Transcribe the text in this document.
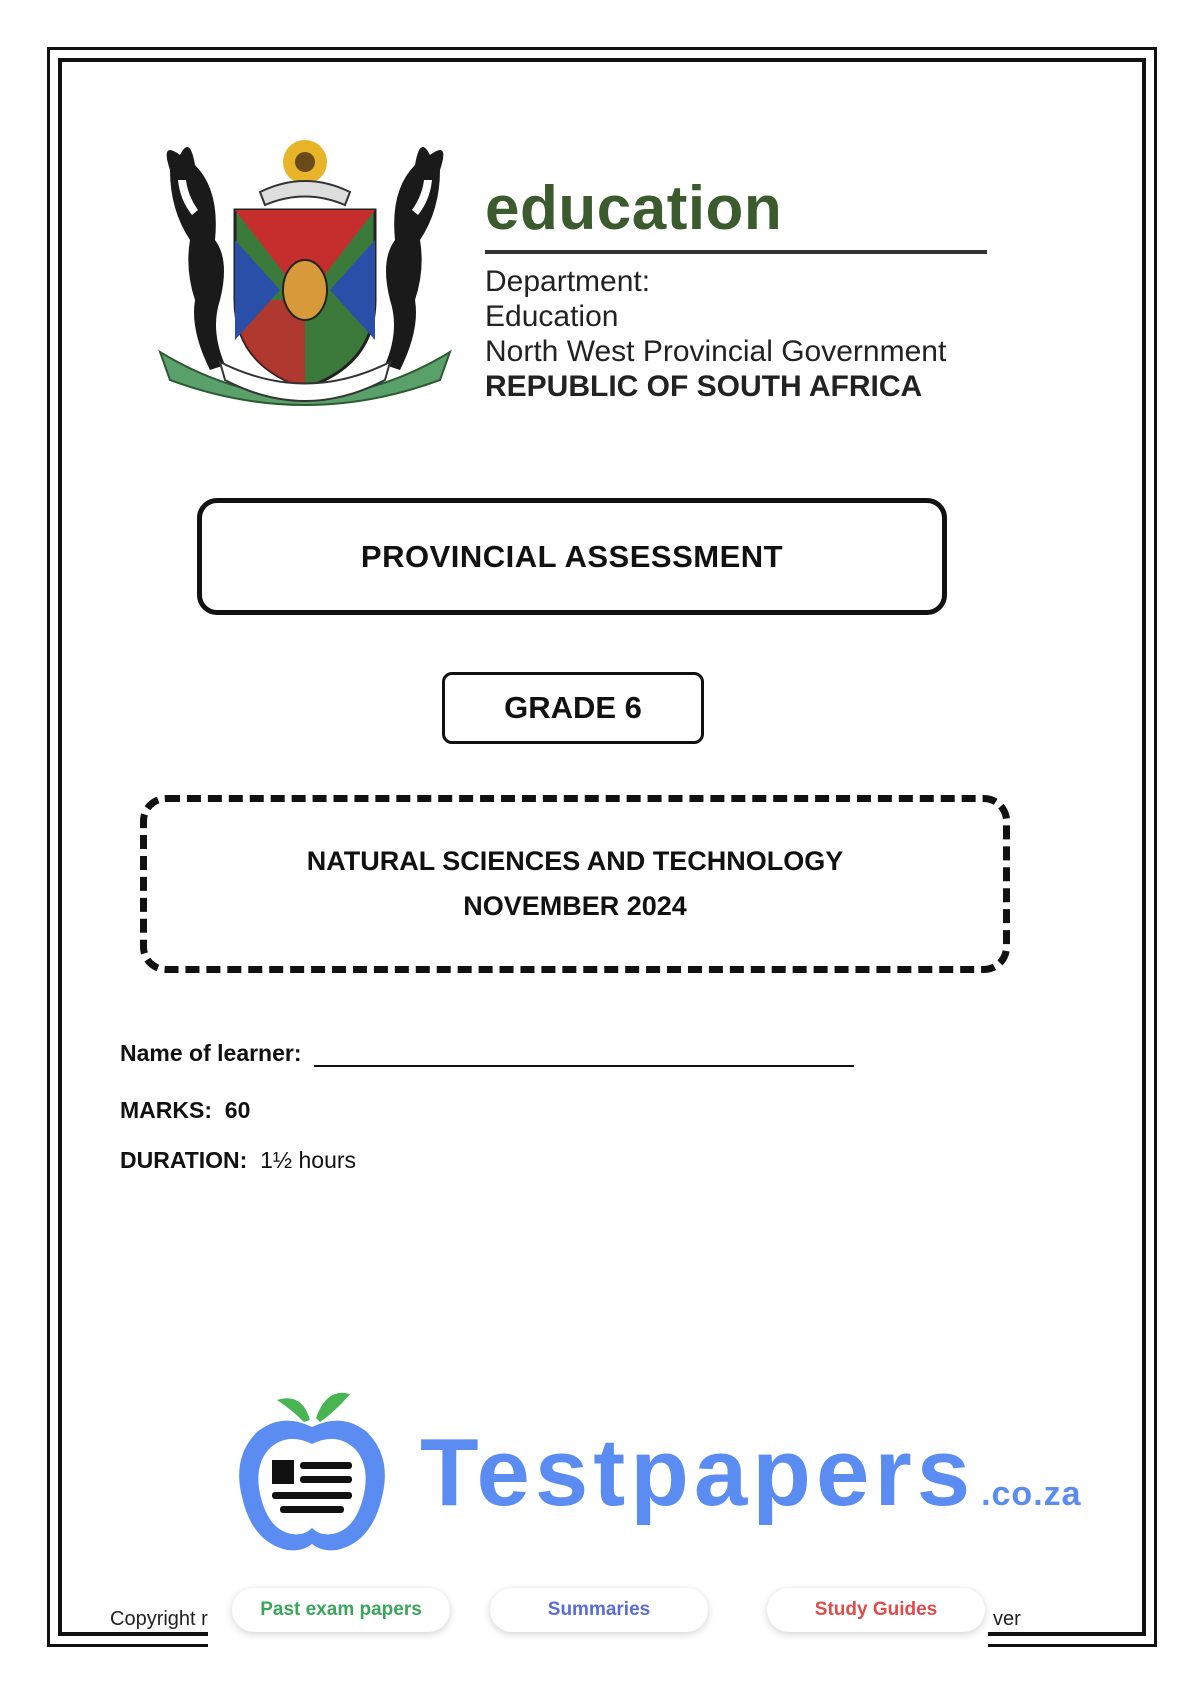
education

Department:

Education

North West Provincial Government

REPUBLIC OF SOUTH AFRICA

PROVINCIAL ASSESSMENT
GRADE 6
NATURAL SCIENCES AND TECHNOLOGY
NOVEMBER 2024
Name of learner:
MARKS: 60
DURATION: 1½ hours
Testpapers .co.za
Copyright r	ver
Past exam papers	Summaries	Study Guides
